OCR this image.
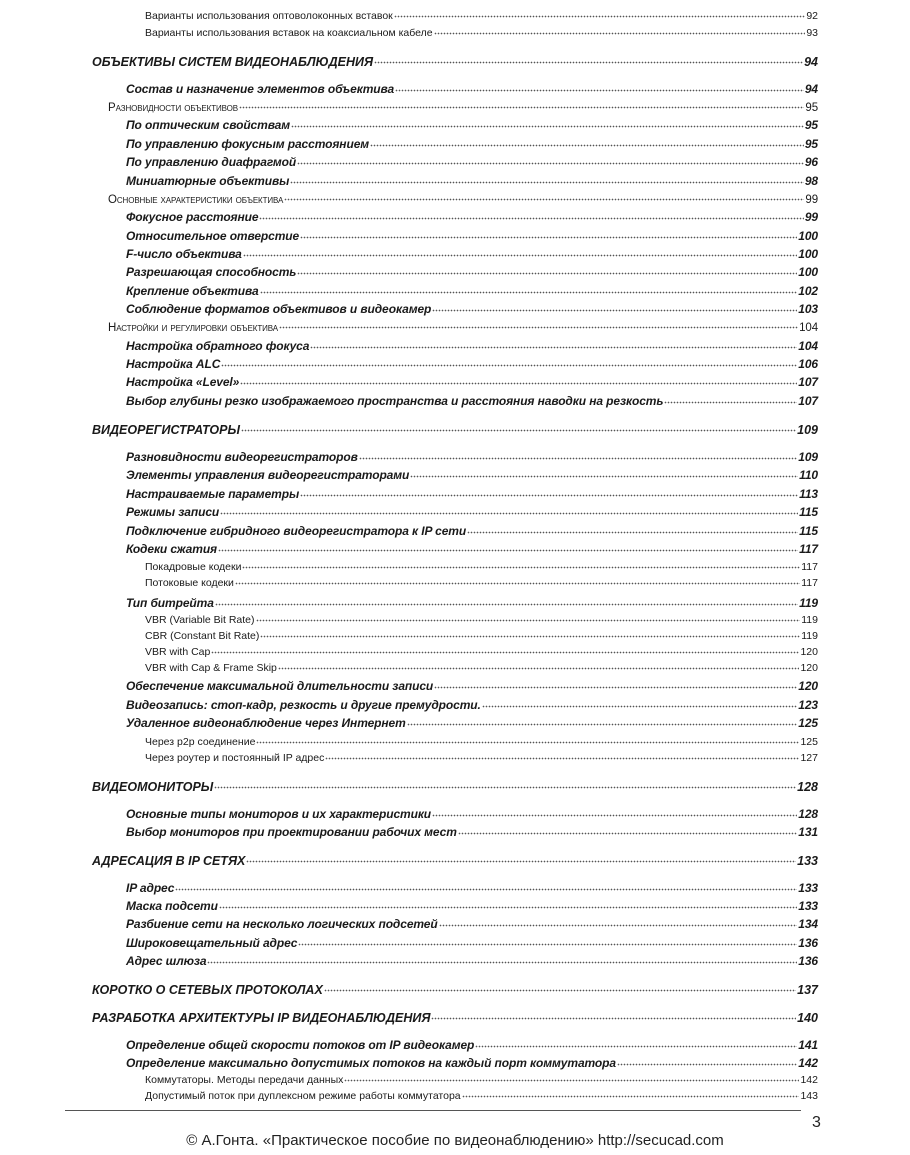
Варианты использования оптоволоконных вставок	92
Варианты использования вставок на коаксиальном кабеле	93
ОБЪЕКТИВЫ СИСТЕМ ВИДЕОНАБЛЮДЕНИЯ	94
Состав и назначение элементов объектива	94
Разновидности объективов	95
По оптическим свойствам	95
По управлению фокусным расстоянием	95
По управлению диафрагмой	96
Миниатюрные объективы	98
Основные характеристики объектива	99
Фокусное расстояние	99
Относительное отверстие	100
F-число объектива	100
Разрешающая способность	100
Крепление объектива	102
Соблюдение форматов объективов и видеокамер	103
Настройки и регулировки объектива	104
Настройка обратного фокуса	104
Настройка ALC	106
Настройка «Level»	107
Выбор глубины резко изображаемого пространства и расстояния наводки на резкость	107
ВИДЕОРЕГИСТРАТОРЫ	109
Разновидности видеорегистраторов	109
Элементы управления видеорегистраторами	110
Настраиваемые параметры	113
Режимы записи	115
Подключение гибридного видеорегистратора к IP сети	115
Кодеки сжатия	117
Покадровые кодеки	117
Потоковые кодеки	117
Тип битрейта	119
VBR (Variable Bit Rate)	119
CBR (Constant Bit Rate)	119
VBR with Cap	120
VBR with Cap & Frame Skip	120
Обеспечение максимальной длительности записи	120
Видеозапись: стоп-кадр, резкость и другие премудрости.	123
Удаленное видеонаблюдение через Интернет	125
Через p2p соединение	125
Через роутер и постоянный IP адрес	127
ВИДЕОМОНИТОРЫ	128
Основные типы мониторов и их характеристики	128
Выбор мониторов при проектировании рабочих мест	131
АДРЕСАЦИЯ В IP СЕТЯХ	133
IP адрес	133
Маска подсети	133
Разбиение сети на несколько логических подсетей	134
Широковещательный адрес	136
Адрес шлюза	136
КОРОТКО О СЕТЕВЫХ ПРОТОКОЛАХ	137
РАЗРАБОТКА АРХИТЕКТУРЫ IP ВИДЕОНАБЛЮДЕНИЯ	140
Определение общей скорости потоков от IP видеокамер	141
Определение максимально допустимых потоков на каждый порт коммутатора	142
Коммутаторы. Методы передачи данных	142
Допустимый поток при дуплексном режиме работы коммутатора	143
3
© А.Гонта. «Практическое пособие по видеонаблюдению» http://secucad.com
